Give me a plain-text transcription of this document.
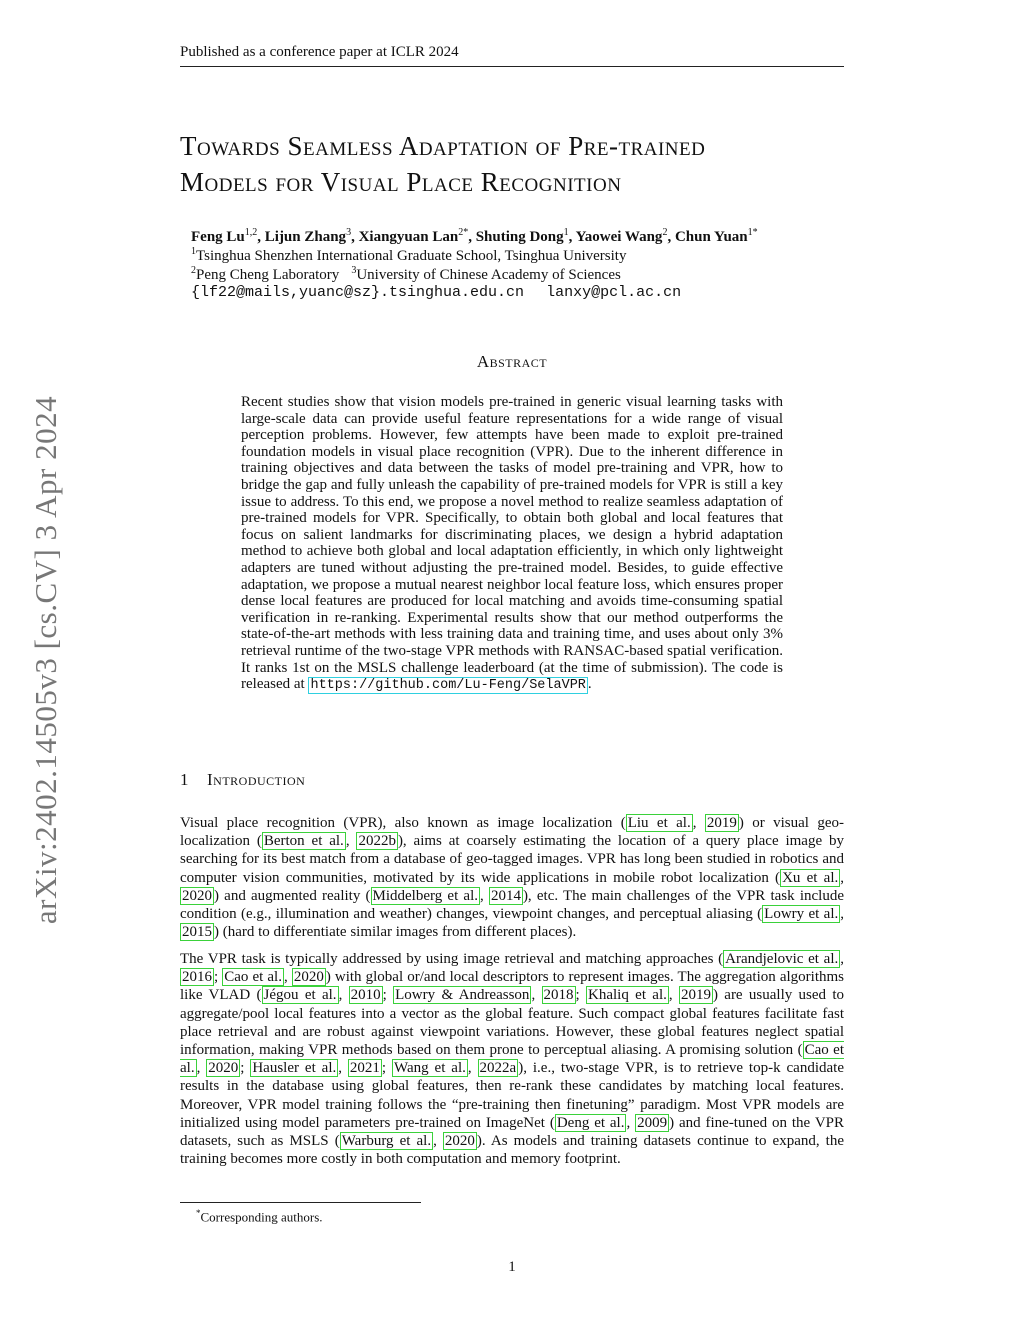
Published as a conference paper at ICLR 2024
Towards Seamless Adaptation of Pre-trained
Models for Visual Place Recognition
Feng Lu$^{1,2}$, Lijun Zhang$^3$, Xiangyuan Lan$^{2*}$, Shuting Dong$^1$, Yaowei Wang$^2$, Chun Yuan$^{1*}$
$^1$Tsinghua Shenzhen International Graduate School, Tsinghua University
$^2$Peng Cheng Laboratory $^3$University of Chinese Academy of Sciences
{lf22@mails,yuanc@sz}.tsinghua.edu.cn lanxy@pcl.ac.cn
arXiv:2402.14505v3 [cs.CV] 3 Apr 2024
Abstract
Recent studies show that vision models pre-trained in generic visual learning tasks with large-scale data can provide useful feature representations for a wide range of visual perception problems. However, few attempts have been made to exploit pre-trained foundation models in visual place recognition (VPR). Due to the inherent difference in training objectives and data between the tasks of model pre-training and VPR, how to bridge the gap and fully unleash the capability of pre-trained models for VPR is still a key issue to address. To this end, we propose a novel method to realize seamless adaptation of pre-trained models for VPR. Specifically, to obtain both global and local features that focus on salient landmarks for discriminating places, we design a hybrid adaptation method to achieve both global and local adaptation efficiently, in which only lightweight adapters are tuned without adjusting the pre-trained model. Besides, to guide effective adaptation, we propose a mutual nearest neighbor local feature loss, which ensures proper dense local features are produced for local matching and avoids time-consuming spatial verification in re-ranking. Experimental results show that our method outperforms the state-of-the-art methods with less training data and training time, and uses about only 3% retrieval runtime of the two-stage VPR methods with RANSAC-based spatial verification. It ranks 1st on the MSLS challenge leaderboard (at the time of submission). The code is released at https://github.com/Lu-Feng/SelaVPR .
1 Introduction
Visual place recognition (VPR), also known as image localization ( Liu et al. , 2019 ) or visual geo-localization ( Berton et al. , 2022b ), aims at coarsely estimating the location of a query place image by searching for its best match from a database of geo-tagged images. VPR has long been studied in robotics and computer vision communities, motivated by its wide applications in mobile robot localization ( Xu et al. , 2020 ) and augmented reality ( Middelberg et al. , 2014 ), etc. The main challenges of the VPR task include condition (e.g., illumination and weather) changes, viewpoint changes, and perceptual aliasing ( Lowry et al. , 2015 ) (hard to differentiate similar images from different places).
The VPR task is typically addressed by using image retrieval and matching approaches ( Arandjelovic et al. , 2016 ; Cao et al. , 2020 ) with global or/and local descriptors to represent images. The aggregation algorithms like VLAD ( Jégou et al. , 2010 ; Lowry & Andreasson , 2018 ; Khaliq et al. , 2019 ) are usually used to aggregate/pool local features into a vector as the global feature. Such compact global features facilitate fast place retrieval and are robust against viewpoint variations. However, these global features neglect spatial information, making VPR methods based on them prone to perceptual aliasing. A promising solution ( Cao et al. , 2020 ; Hausler et al. , 2021 ; Wang et al. , 2022a ), i.e., two-stage VPR, is to retrieve top-k candidate results in the database using global features, then re-rank these candidates by matching local features. Moreover, VPR model training follows the “pre-training then finetuning” paradigm. Most VPR models are initialized using model parameters pre-trained on ImageNet ( Deng et al. , 2009 ) and fine-tuned on the VPR datasets, such as MSLS ( Warburg et al. , 2020 ). As models and training datasets continue to expand, the training becomes more costly in both computation and memory footprint.
*Corresponding authors.
1
